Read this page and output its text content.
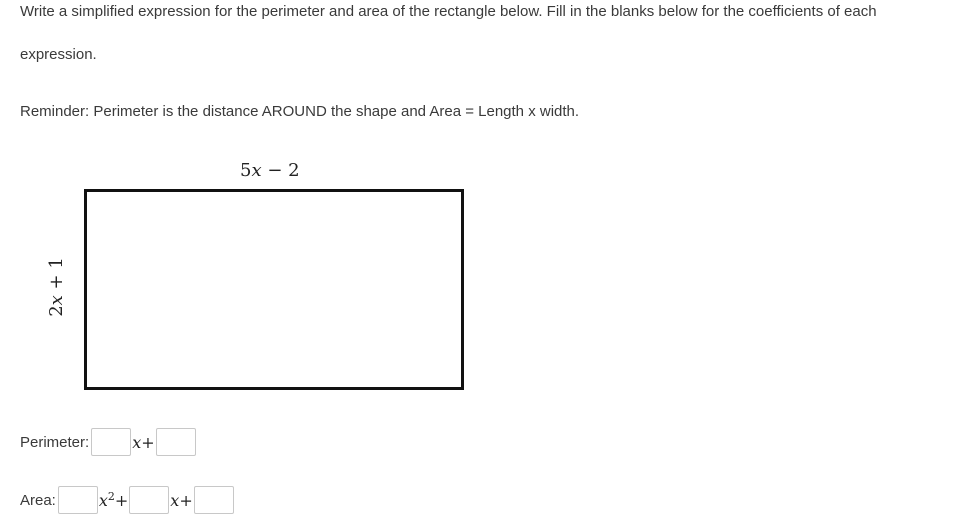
Write a simplified expression for the perimeter and area of the rectangle below. Fill in the blanks below for the coefficients of each
expression.
Reminder: Perimeter is the distance AROUND the shape and Area = Length x width.
5x − 2
2x + 1
Perimeter:	x+
Area:	$x^2+$	x+
